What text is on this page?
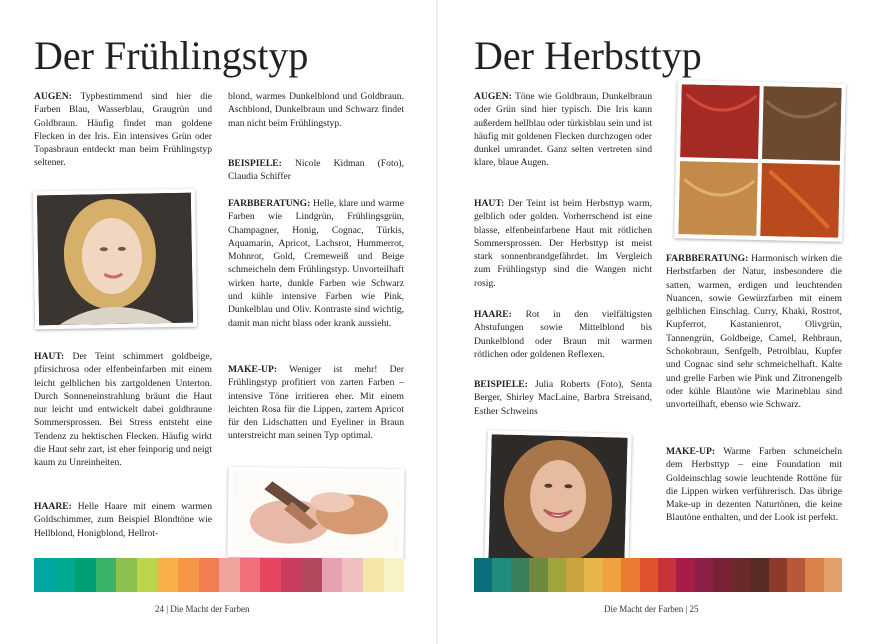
Der Frühlingstyp

AUGEN: Typbestimmend sind hier die Farben Blau, Wasserblau, Graugrün und Goldbraun. Häufig findet man goldene Flecken in der Iris. Ein intensives Grün oder Topasbraun entdeckt man beim Frühlingstyp seltener.

HAUT: Der Teint schimmert goldbeige, pfirsichrosa oder elfenbeinfarben mit einem leicht gelblichen bis zartgoldenen Unterton. Durch Sonneneinstrahlung bräunt die Haut nur leicht und entwickelt dabei goldbraune Sommersprossen. Bei Stress entsteht eine Tendenz zu hektischen Flecken. Häufig wirkt die Haut sehr zart, ist eher feinporig und neigt kaum zu Unreinheiten.

HAARE: Helle Haare mit einem warmen Goldschimmer, zum Beispiel Blondtöne wie Hellblond, Honigblond, Hellrot-

blond, warmes Dunkelblond und Goldbraun. Aschblond, Dunkelbraun und Schwarz findet man nicht beim Frühlingstyp.

BEISPIELE: Nicole Kidman (Foto), Claudia Schiffer

FARBBERATUNG: Helle, klare und warme Farben wie Lindgrün, Frühlingsgrün, Champagner, Honig, Cognac, Türkis, Aquamarin, Apricot, Lachsrot, Hummerrot, Mohnrot, Gold, Cremeweiß und Beige schmeicheln dem Frühlingstyp. Unvorteilhaft wirken harte, dunkle Farben wie Schwarz und kühle intensive Farben wie Pink, Dunkelblau und Oliv. Kontraste sind wichtig, damit man nicht blass oder krank aussieht.

MAKE-UP: Weniger ist mehr! Der Frühlingstyp profitiert von zarten Farben – intensive Töne irritieren eher. Mit einem leichten Rosa für die Lippen, zartem Apricot für den Lidschatten und Eyeliner in Braun unterstreicht man seinen Typ optimal.

24 | Die Macht der Farben
Der Herbsttyp

AUGEN: Töne wie Goldbraun, Dunkelbraun oder Grün sind hier typisch. Die Iris kann außerdem hellblau oder türkisblau sein und ist häufig mit goldenen Flecken durchzogen oder dunkel umrandet. Ganz selten vertreten sind klare, blaue Augen.

HAUT: Der Teint ist beim Herbsttyp warm, gelblich oder golden. Vorherrschend ist eine blasse, elfenbeinfarbene Haut mit rötlichen Sommersprossen. Der Herbsttyp ist meist stark sonnenbrandgefährdet. Im Vergleich zum Frühlingstyp sind die Wangen nicht rosig.

HAARE: Rot in den vielfältigsten Abstufungen sowie Mittelblond bis Dunkelblond oder Braun mit warmen rötlichen oder goldenen Reflexen.

BEISPIELE: Julia Roberts (Foto), Senta Berger, Shirley MacLaine, Barbra Streisand, Esther Schweins

FARBBERATUNG: Harmonisch wirken die Herbstfarben der Natur, insbesondere die satten, warmen, erdigen und leuchtenden Nuancen, sowie Gewürzfarben mit einem gelblichen Einschlag. Curry, Khaki, Rostrot, Kupferrot, Kastanienrot, Olivgrün, Tannengrün, Goldbeige, Camel, Rehbraun, Schokobraun, Senfgelb, Petrolblau, Kupfer und Cognac sind sehr schmeichelhaft. Kalte und grelle Farben wie Pink und Zitronengelb oder kühle Blautöne wie Marineblau sind unvorteilhaft, ebenso wie Schwarz.

MAKE-UP: Warme Farben schmeicheln dem Herbsttyp – eine Foundation mit Goldeinschlag sowie leuchtende Rottöne für die Lippen wirken verführerisch. Das übrige Make-up in dezenten Naturtönen, die keine Blautöne enthalten, und der Look ist perfekt.

Die Macht der Farben | 25
